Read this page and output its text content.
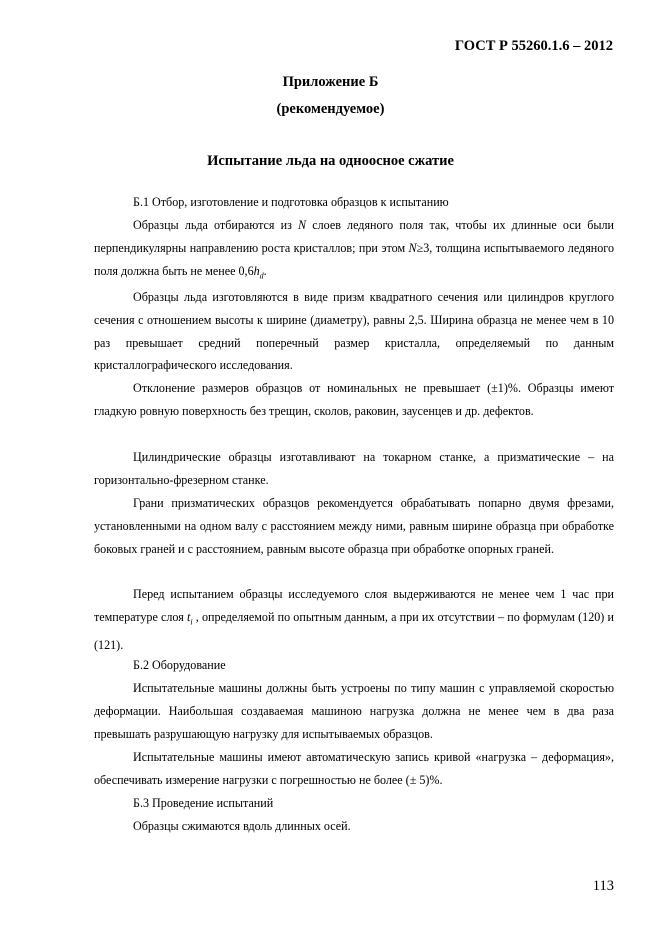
ГОСТ Р 55260.1.6 – 2012
Приложение Б
(рекомендуемое)
Испытание льда на одноосное сжатие
Б.1 Отбор, изготовление и подготовка образцов к испытанию

Образцы льда отбираются из N слоев ледяного поля так, чтобы их длинные оси были перпендикулярны направлению роста кристаллов; при этом N≥3, толщина испытываемого ледяного поля должна быть не менее $0,6h_d$.

Образцы льда изготовляются в виде призм квадратного сечения или цилиндров круглого сечения с отношением высоты к ширине (диаметру), равны 2,5. Ширина образца не менее чем в 10 раз превышает средний поперечный размер кристалла, определяемый по данным кристаллографического исследования.

Отклонение размеров образцов от номинальных не превышает (±1)%. Образцы имеют гладкую ровную поверхность без трещин, сколов, раковин, заусенцев и др. дефектов.

Цилиндрические образцы изготавливают на токарном станке, а призматические – на горизонтально-фрезерном станке.

Грани призматических образцов рекомендуется обрабатывать попарно двумя фрезами, установленными на одном валу с расстоянием между ними, равным ширине образца при обработке боковых граней и с расстоянием, равным высоте образца при обработке опорных граней.

Перед испытанием образцы исследуемого слоя выдерживаются не менее чем 1 час при температуре слоя $t_i$ , определяемой по опытным данным, а при их отсутствии – по формулам (120) и (121).

Б.2 Оборудование

Испытательные машины должны быть устроены по типу машин с управляемой скоростью деформации. Наибольшая создаваемая машиною нагрузка должна не менее чем в два раза превышать разрушающую нагрузку для испытываемых образцов.

Испытательные машины имеют автоматическую запись кривой «нагрузка – деформация», обеспечивать измерение нагрузки с погрешностью не более (± 5)%.

Б.3 Проведение испытаний

Образцы сжимаются вдоль длинных осей.

113
